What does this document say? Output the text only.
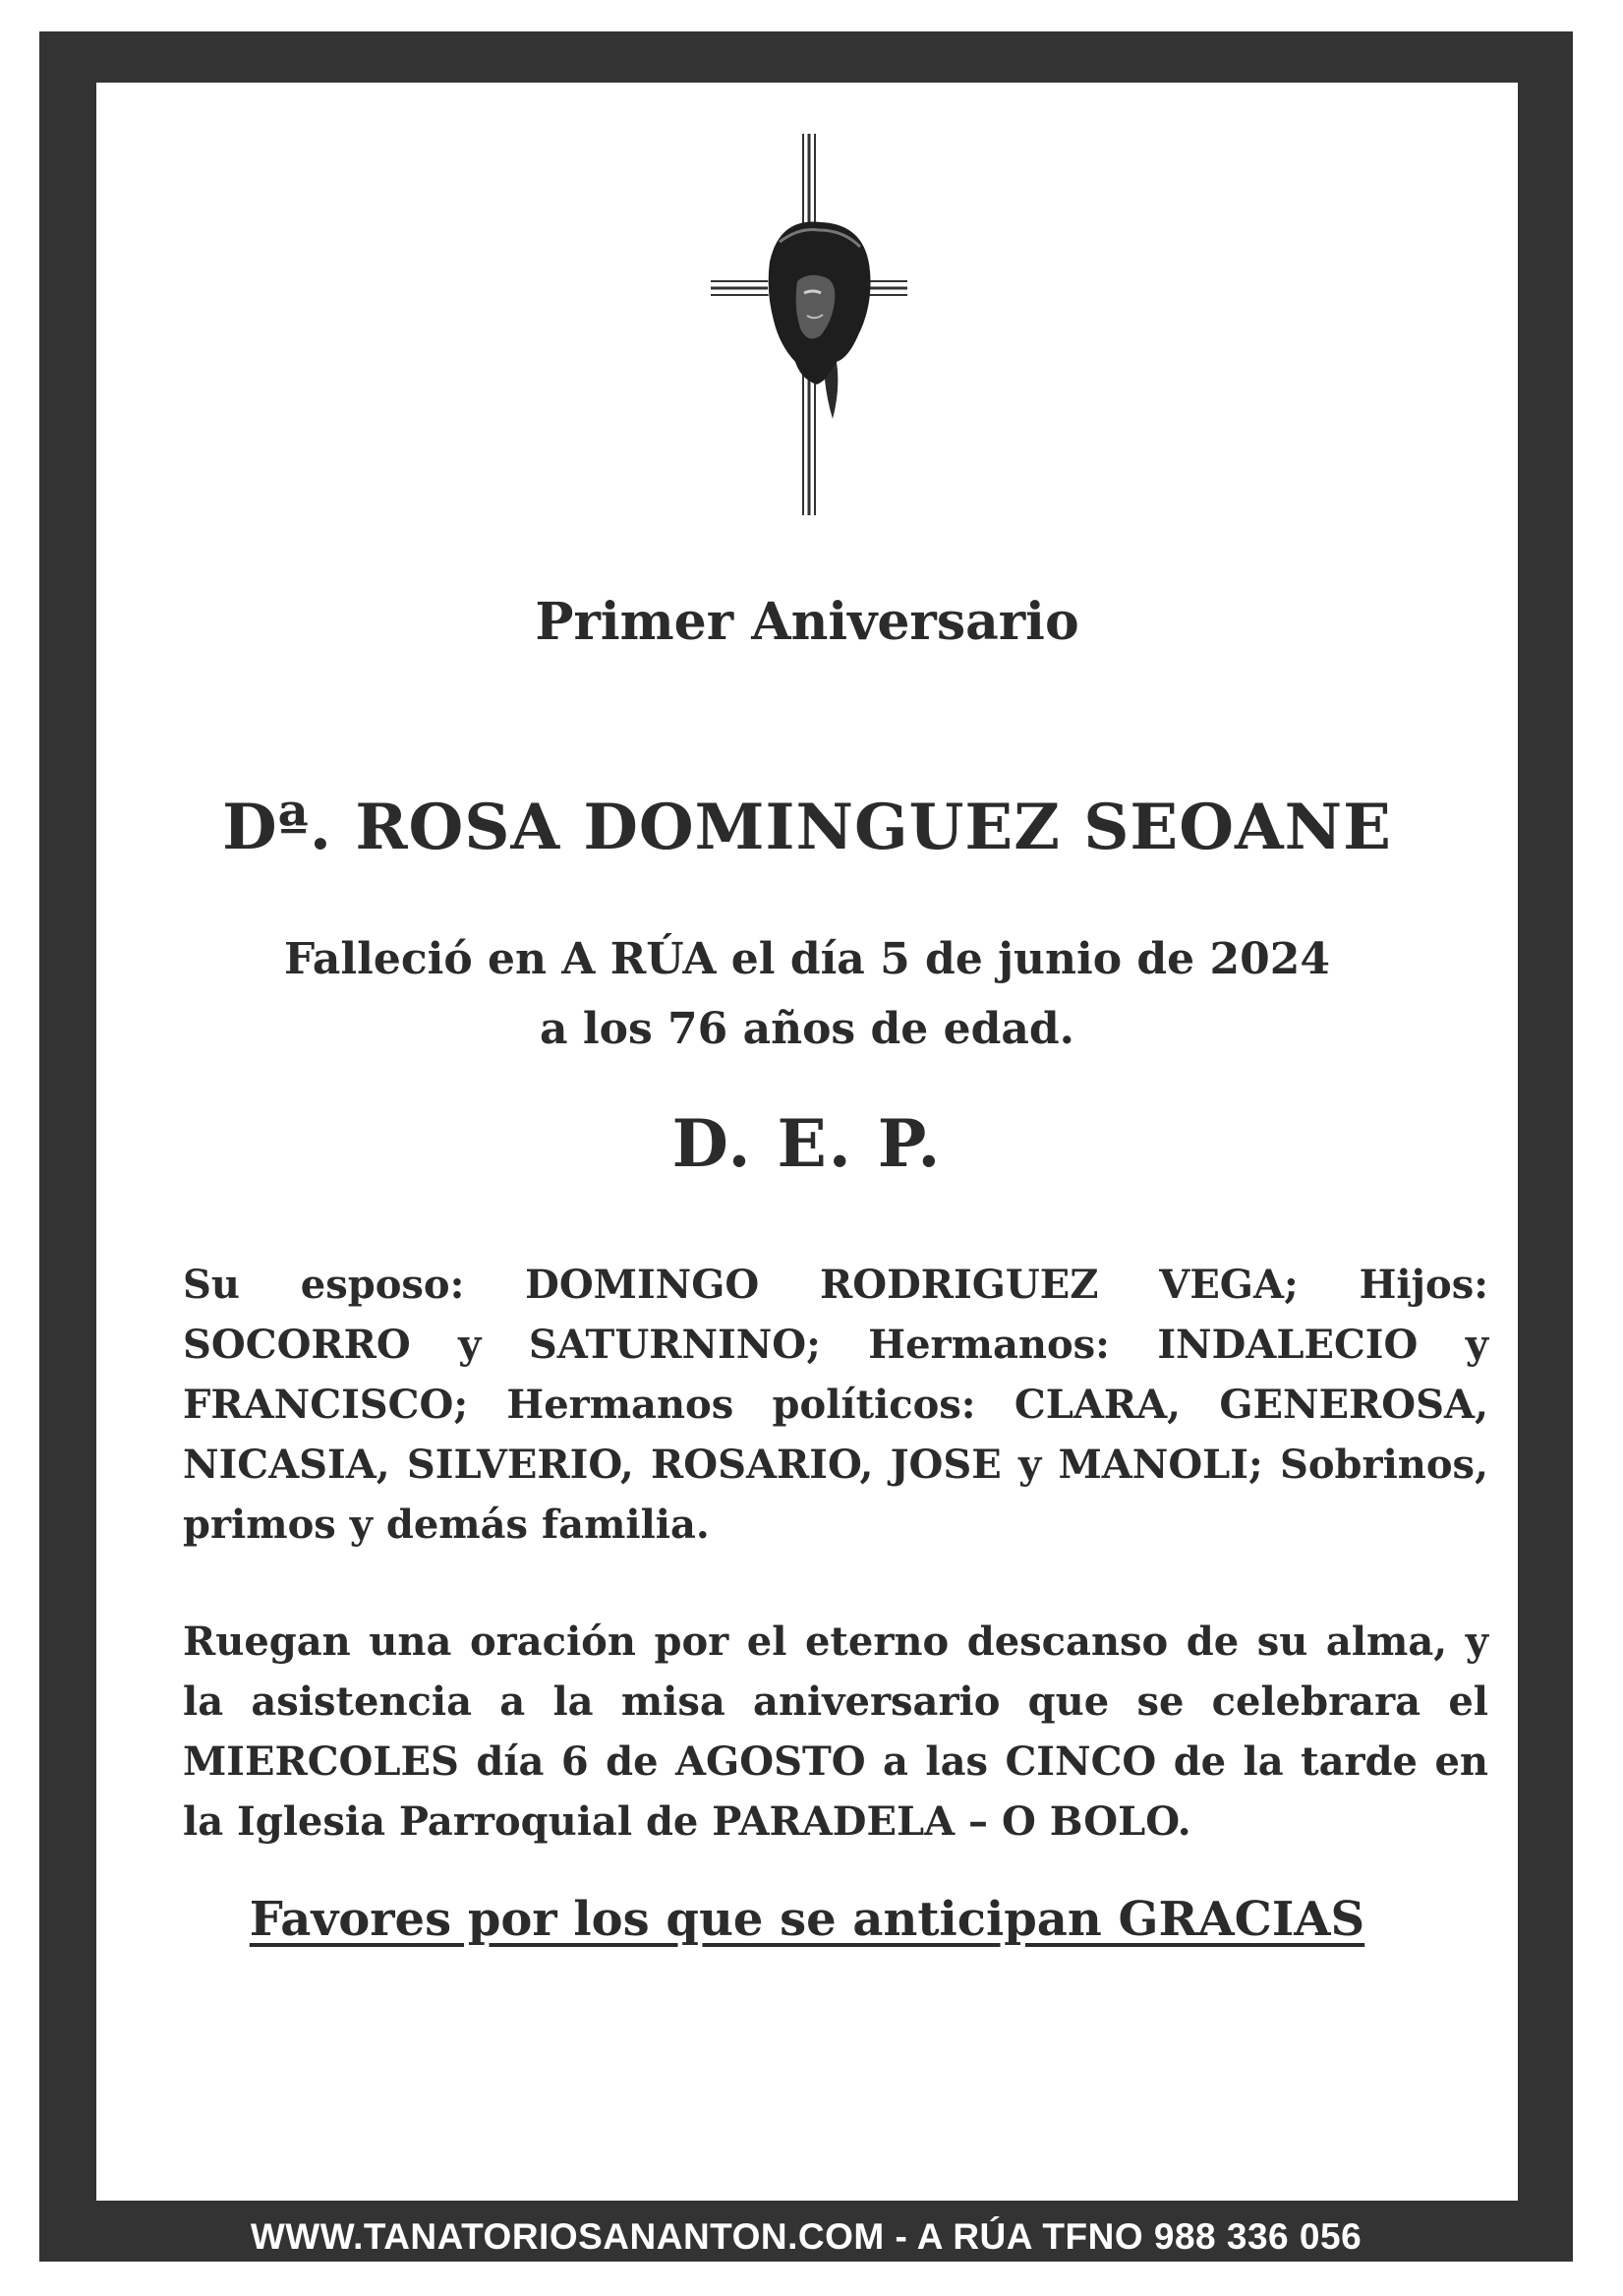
Primer Aniversario
Dª. ROSA DOMINGUEZ SEOANE
Falleció en A RÚA el día 5 de junio de 2024
a los 76 años de edad.
D. E. P.
Su esposo: DOMINGO RODRIGUEZ VEGA; Hijos: SOCORRO y SATURNINO; Hermanos: INDALECIO y FRANCISCO; Hermanos políticos: CLARA, GENEROSA, NICASIA, SILVERIO, ROSARIO, JOSE y MANOLI; Sobrinos, primos y demás familia.
Ruegan una oración por el eterno descanso de su alma, y la asistencia a la misa aniversario que se celebrara el MIERCOLES día 6 de AGOSTO a las CINCO de la tarde en la Iglesia Parroquial de PARADELA – O BOLO.
Favores por los que se anticipan GRACIAS
WWW.TANATORIOSANANTON.COM - A RÚA TFNO 988 336 056
